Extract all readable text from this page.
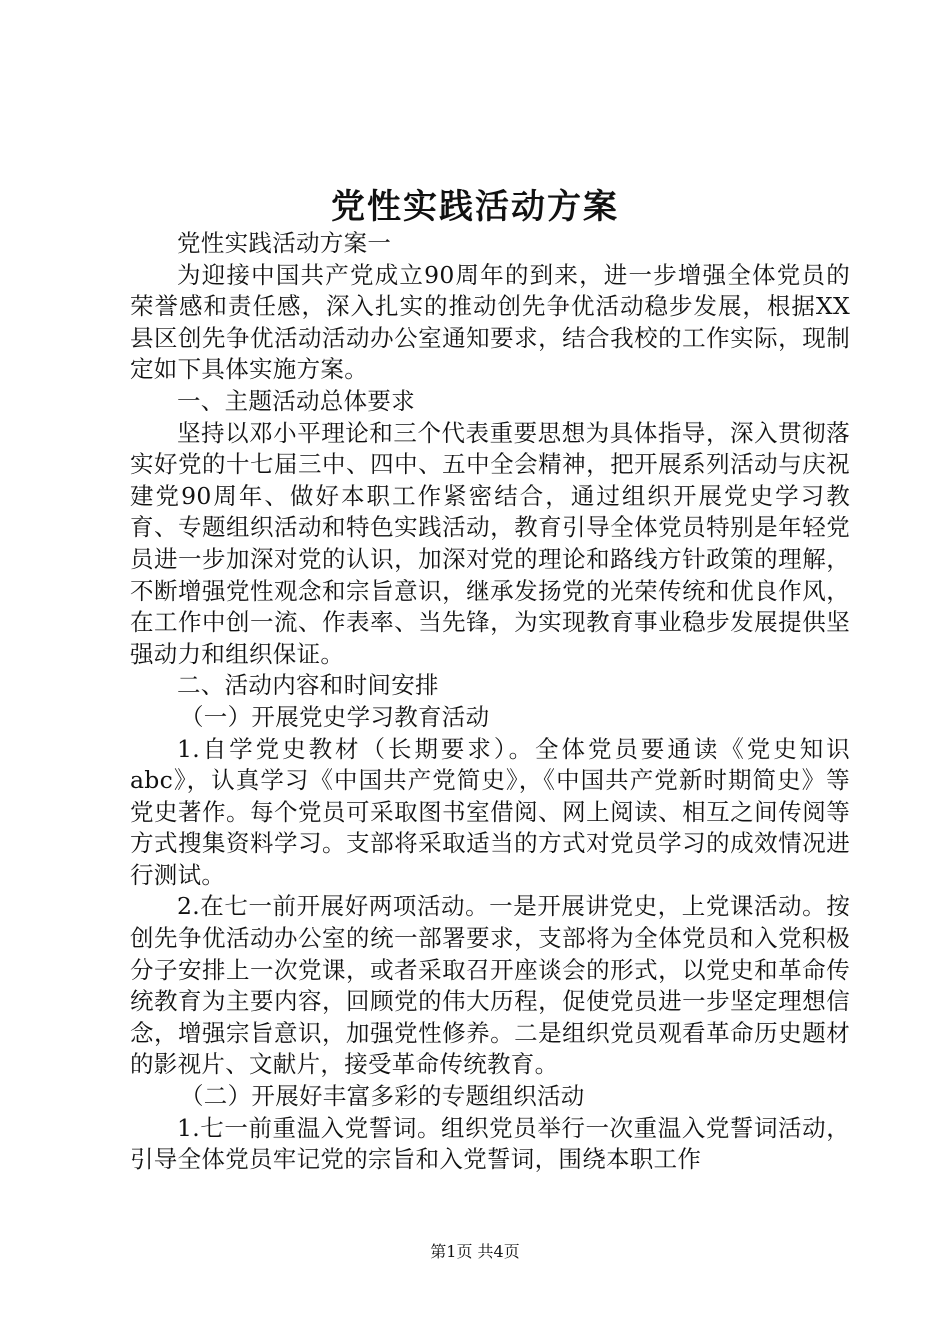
党性实践活动方案

党性实践活动方案一

为迎接中国共产党成立90周年的到来，进一步增强全体党员的荣誉感和责任感，深入扎实的推动创先争优活动稳步发展，根据XX县区创先争优活动活动办公室通知要求，结合我校的工作实际，现制定如下具体实施方案。

一、主题活动总体要求

坚持以邓小平理论和三个代表重要思想为具体指导，深入贯彻落实好党的十七届三中、四中、五中全会精神，把开展系列活动与庆祝建党90周年、做好本职工作紧密结合，通过组织开展党史学习教育、专题组织活动和特色实践活动，教育引导全体党员特别是年轻党员进一步加深对党的认识，加深对党的理论和路线方针政策的理解，不断增强党性观念和宗旨意识，继承发扬党的光荣传统和优良作风，在工作中创一流、作表率、当先锋，为实现教育事业稳步发展提供坚强动力和组织保证。

二、活动内容和时间安排

（一）开展党史学习教育活动

1.自学党史教材（长期要求）。全体党员要通读《党史知识abc》，认真学习《中国共产党简史》，《中国共产党新时期简史》等党史著作。每个党员可采取图书室借阅、网上阅读、相互之间传阅等方式搜集资料学习。支部将采取适当的方式对党员学习的成效情况进行测试。

2.在七一前开展好两项活动。一是开展讲党史，上党课活动。按创先争优活动办公室的统一部署要求，支部将为全体党员和入党积极分子安排上一次党课，或者采取召开座谈会的形式，以党史和革命传统教育为主要内容，回顾党的伟大历程，促使党员进一步坚定理想信念，增强宗旨意识，加强党性修养。二是组织党员观看革命历史题材的影视片、文献片，接受革命传统教育。

（二）开展好丰富多彩的专题组织活动

1.七一前重温入党誓词。组织党员举行一次重温入党誓词活动，引导全体党员牢记党的宗旨和入党誓词，围绕本职工作

第1页 共4页
